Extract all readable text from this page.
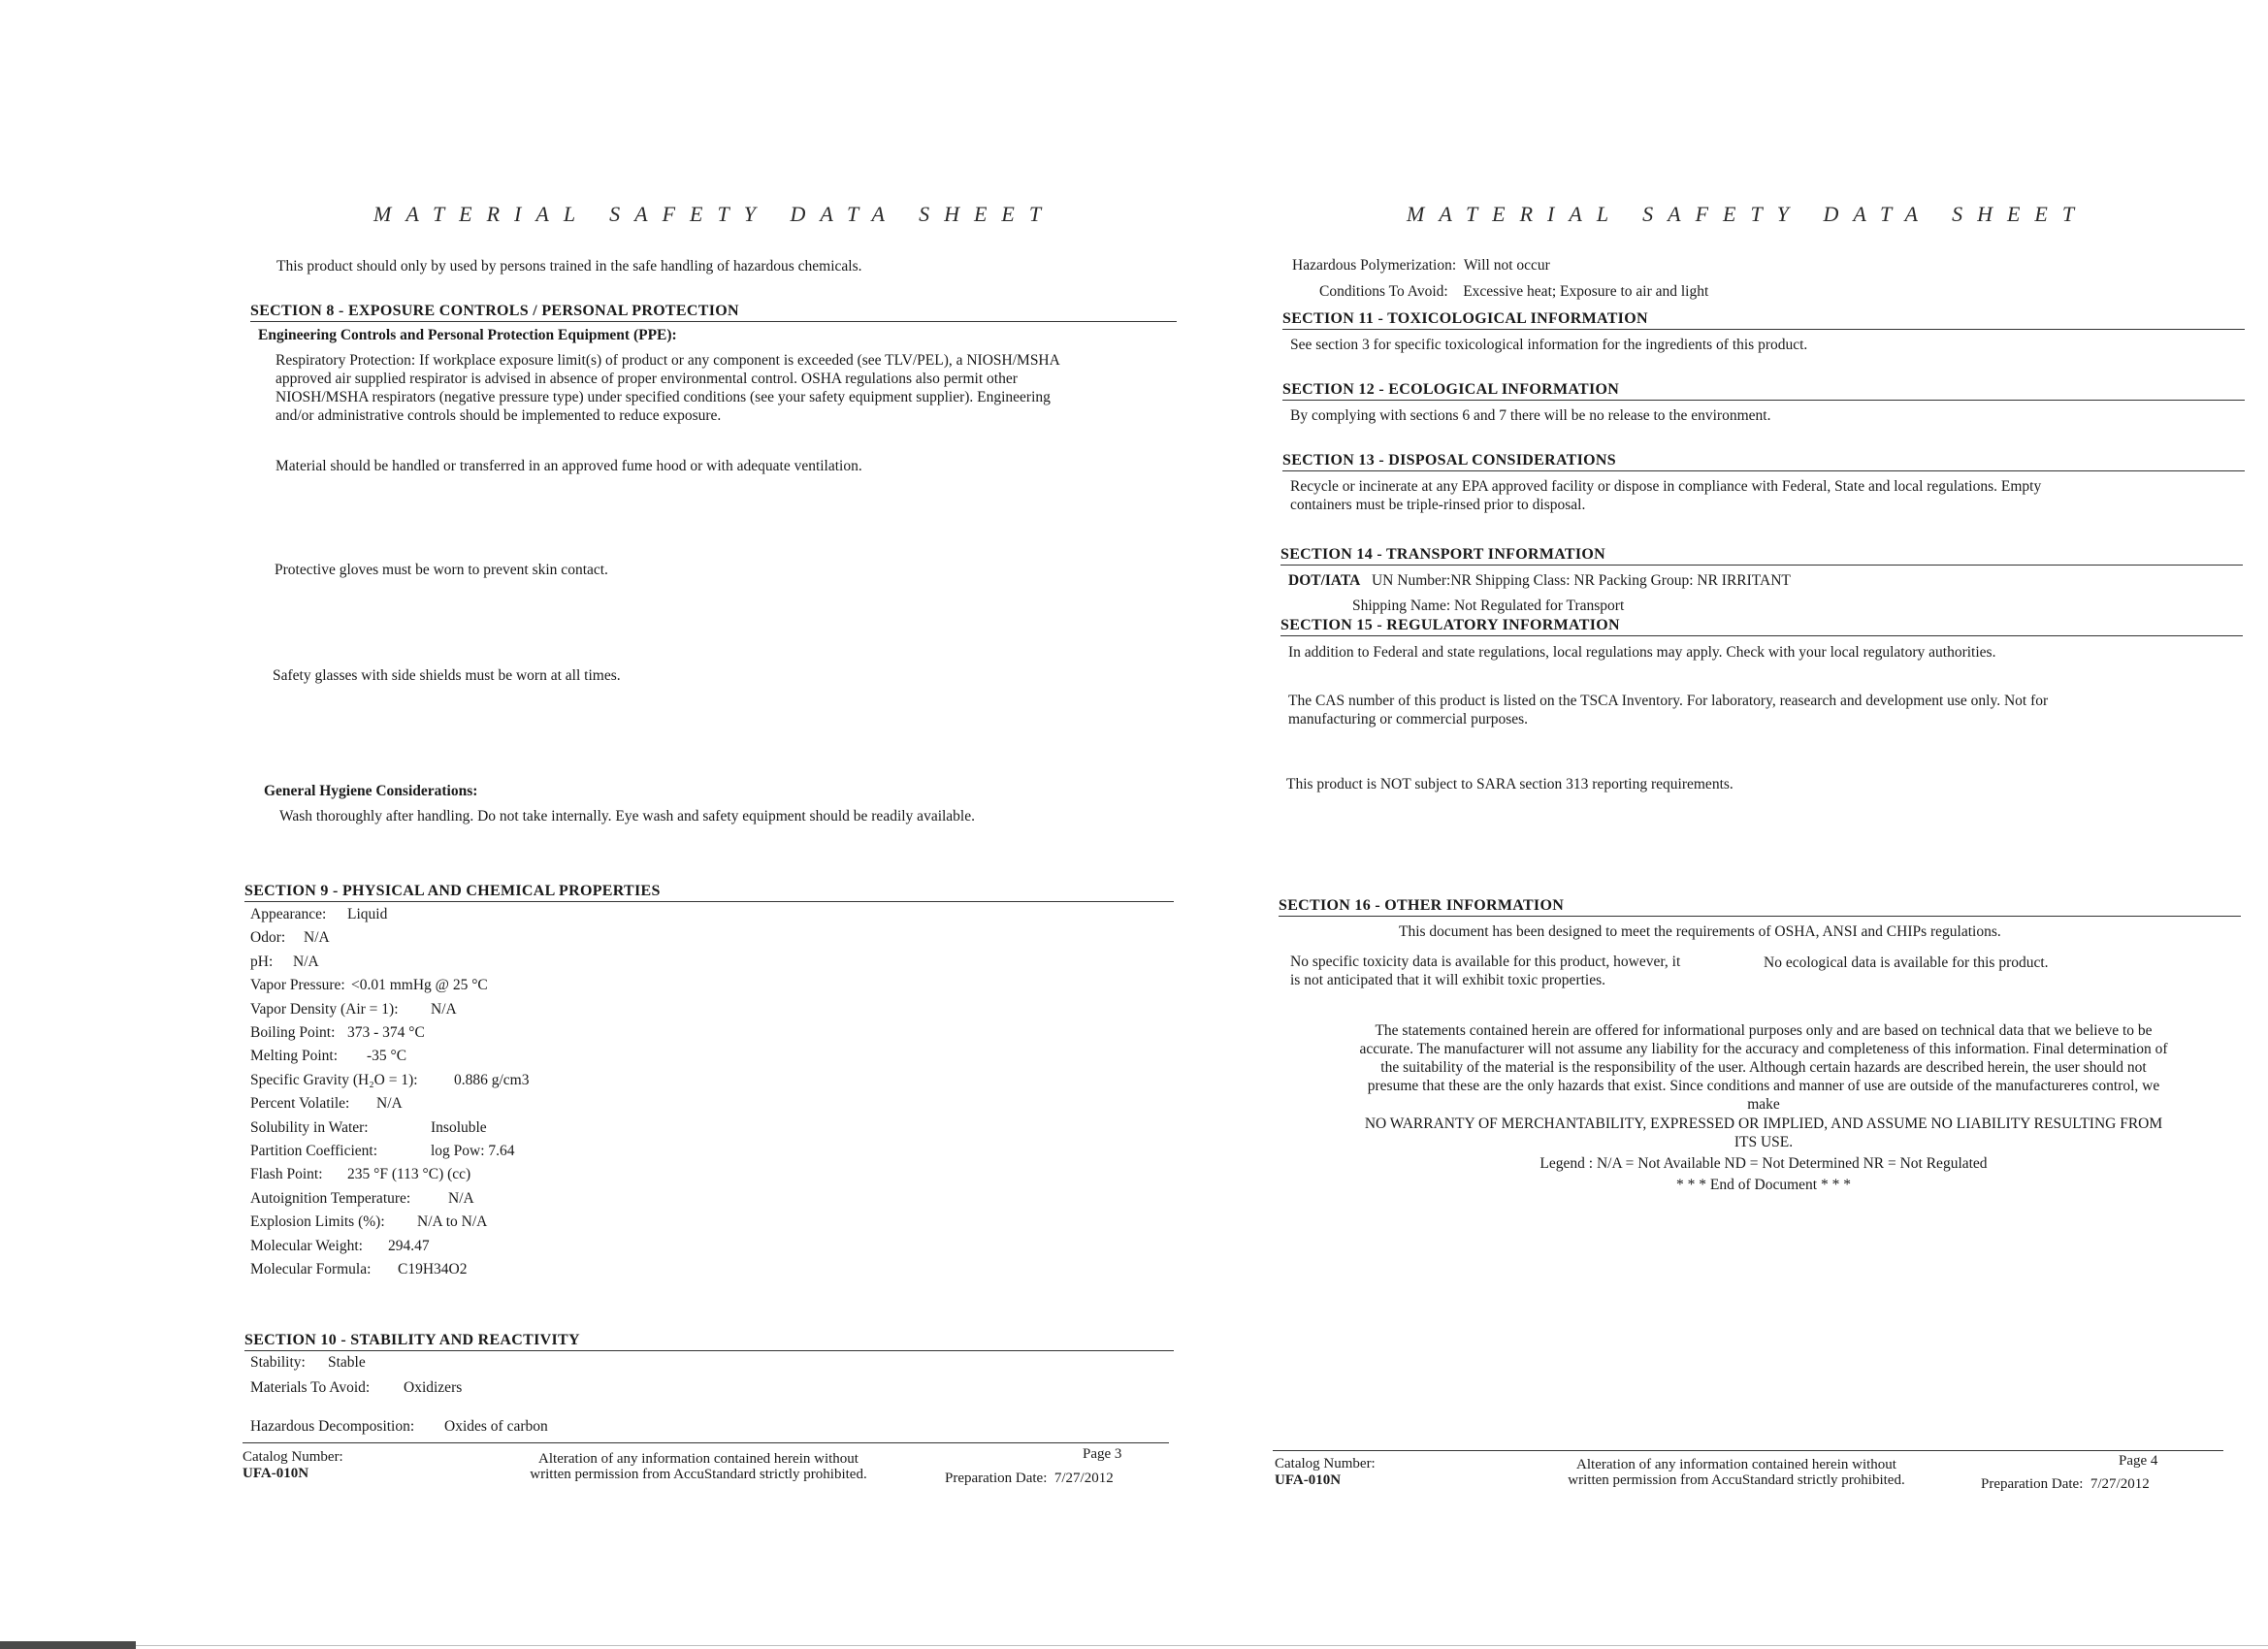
MATERIAL SAFETY DATA SHEET
This product should only by used by persons trained in the safe handling of hazardous chemicals.
SECTION 8 - EXPOSURE CONTROLS / PERSONAL PROTECTION
Engineering Controls and Personal Protection Equipment (PPE):
Respiratory Protection: If workplace exposure limit(s) of product or any component is exceeded (see TLV/PEL), a NIOSH/MSHA
approved air supplied respirator is advised in absence of proper environmental control. OSHA regulations also permit other
NIOSH/MSHA respirators (negative pressure type) under specified conditions (see your safety equipment supplier). Engineering
and/or administrative controls should be implemented to reduce exposure.
Material should be handled or transferred in an approved fume hood or with adequate ventilation.
Protective gloves must be worn to prevent skin contact.
Safety glasses with side shields must be worn at all times.
General Hygiene Considerations:
Wash thoroughly after handling. Do not take internally. Eye wash and safety equipment should be readily available.
SECTION 9 - PHYSICAL AND CHEMICAL PROPERTIES
Appearance: Liquid
Odor: N/A
pH: N/A
Vapor Pressure: <0.01 mmHg @ 25 °C
Vapor Density (Air = 1): N/A
Boiling Point: 373 - 374 °C
Melting Point: -35 °C
Specific Gravity (H₂O = 1): 0.886 g/cm3
Percent Volatile: N/A
Solubility in Water:	Insoluble
Partition Coefficient:	log Pow: 7.64
Flash Point: 235 °F (113 °C) (cc)
Autoignition Temperature:	N/A
Explosion Limits (%): N/A to N/A
Molecular Weight: 294.47
Molecular Formula: C19H34O2
SECTION 10 - STABILITY AND REACTIVITY
Stability: Stable
Materials To Avoid: Oxidizers
Hazardous Decomposition: Oxides of carbon
Catalog Number:
UFA-010N
Alteration of any information contained herein without
written permission from AccuStandard strictly prohibited.
Page 3
Preparation Date: 7/27/2012
MATERIAL SAFETY DATA SHEET
Hazardous Polymerization: Will not occur
Conditions To Avoid: Excessive heat; Exposure to air and light
SECTION 11 - TOXICOLOGICAL INFORMATION
See section 3 for specific toxicological information for the ingredients of this product.
SECTION 12 - ECOLOGICAL INFORMATION
By complying with sections 6 and 7 there will be no release to the environment.
SECTION 13 - DISPOSAL CONSIDERATIONS
Recycle or incinerate at any EPA approved facility or dispose in compliance with Federal, State and local regulations. Empty
containers must be triple-rinsed prior to disposal.
SECTION 14 - TRANSPORT INFORMATION
DOT/IATA UN Number:NR Shipping Class: NR Packing Group: NR IRRITANT
Shipping Name: Not Regulated for Transport
SECTION 15 - REGULATORY INFORMATION
In addition to Federal and state regulations, local regulations may apply. Check with your local regulatory authorities.
The CAS number of this product is listed on the TSCA Inventory. For laboratory, reasearch and development use only. Not for
manufacturing or commercial purposes.
This product is NOT subject to SARA section 313 reporting requirements.
SECTION 16 - OTHER INFORMATION
This document has been designed to meet the requirements of OSHA, ANSI and CHIPs regulations.
No specific toxicity data is available for this product, however, it
is not anticipated that it will exhibit toxic properties.
No ecological data is available for this product.
The statements contained herein are offered for informational purposes only and are based on technical data that we believe to be
accurate. The manufacturer will not assume any liability for the accuracy and completeness of this information. Final determination of
the suitability of the material is the responsibility of the user. Although certain hazards are described herein, the user should not
presume that these are the only hazards that exist. Since conditions and manner of use are outside of the manufactureres control, we
make
NO WARRANTY OF MERCHANTABILITY, EXPRESSED OR IMPLIED, AND ASSUME NO LIABILITY RESULTING FROM
ITS USE.
Legend : N/A = Not Available ND = Not Determined NR = Not Regulated
* * * End of Document * * *
Catalog Number:
UFA-010N
Alteration of any information contained herein without
written permission from AccuStandard strictly prohibited.
Page 4
Preparation Date: 7/27/2012
